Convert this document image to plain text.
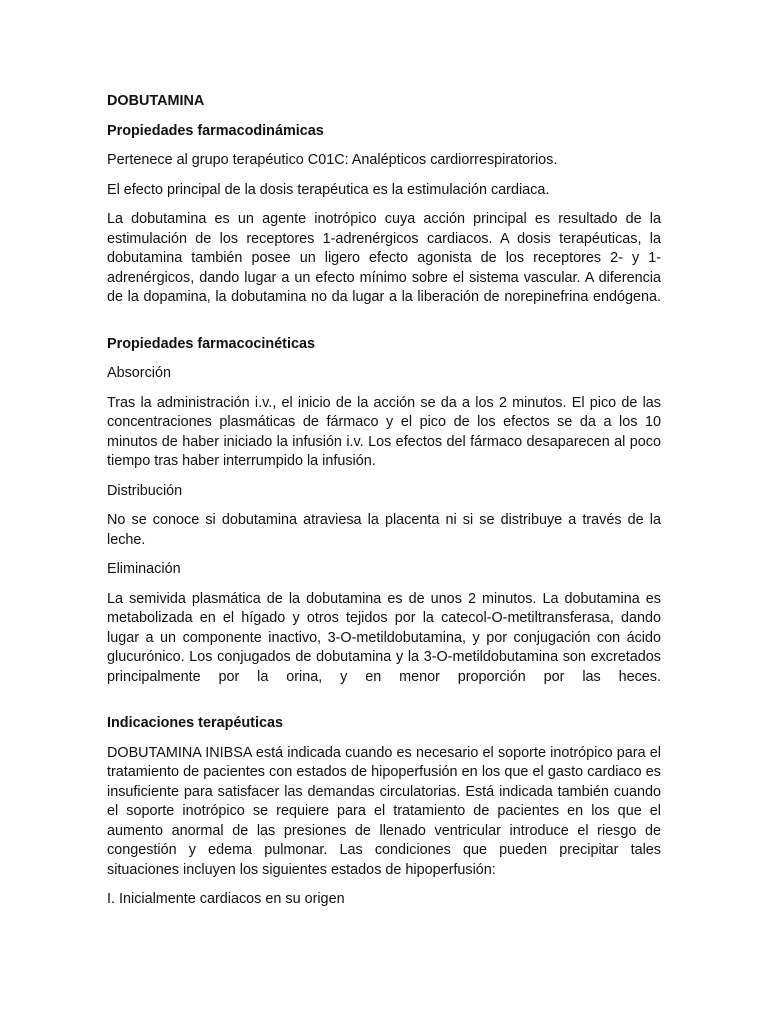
DOBUTAMINA
Propiedades farmacodinámicas

Pertenece al grupo terapéutico C01C: Analépticos cardiorrespiratorios.

El efecto principal de la dosis terapéutica es la estimulación cardiaca.

La dobutamina es un agente inotrópico cuya acción principal es resultado de la estimulación de los receptores 1-adrenérgicos cardiacos. A dosis terapéuticas, la dobutamina también posee un ligero efecto agonista de los receptores 2- y 1-adrenérgicos, dando lugar a un efecto mínimo sobre el sistema vascular. A diferencia de la dopamina, la dobutamina no da lugar a la liberación de norepinefrina endógena.

Propiedades farmacocinéticas

Absorción

Tras la administración i.v., el inicio de la acción se da a los 2 minutos. El pico de las concentraciones plasmáticas de fármaco y el pico de los efectos se da a los 10 minutos de haber iniciado la infusión i.v. Los efectos del fármaco desaparecen al poco tiempo tras haber interrumpido la infusión.

Distribución

No se conoce si dobutamina atraviesa la placenta ni si se distribuye a través de la leche.

Eliminación

La semivida plasmática de la dobutamina es de unos 2 minutos. La dobutamina es metabolizada en el hígado y otros tejidos por la catecol-O-metiltransferasa, dando lugar a un componente inactivo, 3-O-metildobutamina, y por conjugación con ácido glucurónico. Los conjugados de dobutamina y la 3-O-metildobutamina son excretados principalmente por la orina, y en menor proporción por las heces.

Indicaciones terapéuticas

DOBUTAMINA INIBSA está indicada cuando es necesario el soporte inotrópico para el tratamiento de pacientes con estados de hipoperfusión en los que el gasto cardiaco es insuficiente para satisfacer las demandas circulatorias. Está indicada también cuando el soporte inotrópico se requiere para el tratamiento de pacientes en los que el aumento anormal de las presiones de llenado ventricular introduce el riesgo de congestión y edema pulmonar. Las condiciones que pueden precipitar tales situaciones incluyen los siguientes estados de hipoperfusión:

I. Inicialmente cardiacos en su origen
